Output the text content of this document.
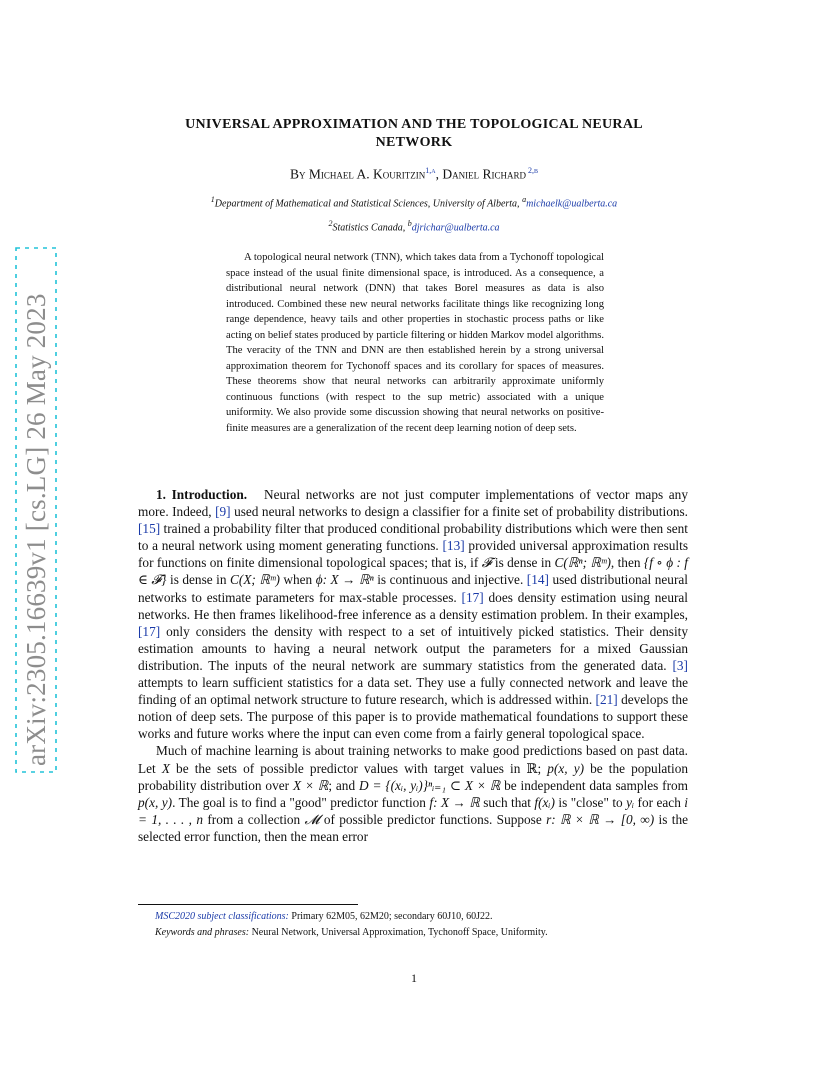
arXiv:2305.16639v1 [cs.LG] 26 May 2023
UNIVERSAL APPROXIMATION AND THE TOPOLOGICAL NEURAL
NETWORK
By Michael A. Kouritzin$^{1,a}$, Daniel Richard $^{2,b}$
$^1$Department of Mathematical and Statistical Sciences, University of Alberta, $^a$michaelk@ualberta.ca
$^2$Statistics Canada, $^b$djrichar@ualberta.ca

A topological neural network (TNN), which takes data from a Tychonoff topological space instead of the usual finite dimensional space, is introduced. As a consequence, a distributional neural network (DNN) that takes Borel measures as data is also introduced. Combined these new neural networks facilitate things like recognizing long range dependence, heavy tails and other properties in stochastic process paths or like acting on belief states produced by particle filtering or hidden Markov model algorithms. The veracity of the TNN and DNN are then established herein by a strong universal approximation theorem for Tychonoff spaces and its corollary for spaces of measures. These theorems show that neural networks can arbitrarily approximate uniformly continuous functions (with respect to the sup metric) associated with a unique uniformity. We also provide some discussion showing that neural networks on positive-finite measures are a generalization of the recent deep learning notion of deep sets.

1. Introduction. Neural networks are not just computer implementations of vector maps any more. Indeed, [9] used neural networks to design a classifier for a finite set of probability distributions. [15] trained a probability filter that produced conditional probability distributions which were then sent to a neural network using moment generating functions. [13] provided universal approximation results for functions on finite dimensional topological spaces; that is, if 𝓕 is dense in C(ℝⁿ; ℝᵐ), then {f ∘ ϕ : f ∈ 𝓕} is dense in C(X; ℝᵐ) when ϕ: X → ℝⁿ is continuous and injective. [14] used distributional neural networks to estimate parameters for max-stable processes. [17] does density estimation using neural networks. He then frames likelihood-free inference as a density estimation problem. In their examples, [17] only considers the density with respect to a set of intuitively picked statistics. Their density estimation amounts to having a neural network output the parameters for a mixed Gaussian distribution. The inputs of the neural network are summary statistics from the generated data. [3] attempts to learn sufficient statistics for a data set. They use a fully connected network and leave the finding of an optimal network structure to future research, which is addressed within. [21] develops the notion of deep sets. The purpose of this paper is to provide mathematical foundations to support these works and future works where the input can even come from a fairly general topological space.

Much of machine learning is about training networks to make good predictions based on past data. Let X be the sets of possible predictor values with target values in ℝ; p(x, y) be the population probability distribution over X × ℝ; and D = {(xᵢ, yᵢ)}ⁿᵢ₌₁ ⊂ X × ℝ be independent data samples from p(x, y). The goal is to find a "good" predictor function f: X → ℝ such that f(xᵢ) is "close" to yᵢ for each i = 1, . . . , n from a collection 𝓜 of possible predictor functions. Suppose r: ℝ × ℝ → [0, ∞) is the selected error function, then the mean error

MSC2020 subject classifications: Primary 62M05, 62M20; secondary 60J10, 60J22.
Keywords and phrases: Neural Network, Universal Approximation, Tychonoff Space, Uniformity.
1
